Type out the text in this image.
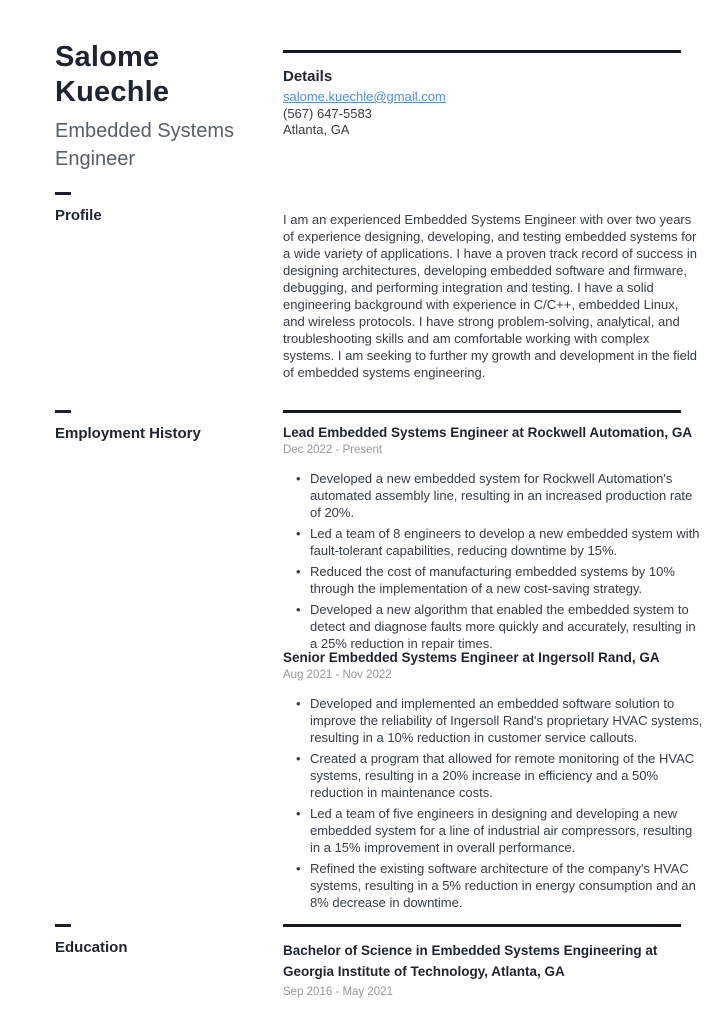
Salome Kuechle
Embedded Systems Engineer
Profile
Employment History
Education
Details
salome.kuechle@gmail.com
(567) 647-5583
Atlanta, GA
I am an experienced Embedded Systems Engineer with over two years of experience designing, developing, and testing embedded systems for a wide variety of applications. I have a proven track record of success in designing architectures, developing embedded software and firmware, debugging, and performing integration and testing. I have a solid engineering background with experience in C/C++, embedded Linux, and wireless protocols. I have strong problem-solving, analytical, and troubleshooting skills and am comfortable working with complex systems. I am seeking to further my growth and development in the field of embedded systems engineering.
Lead Embedded Systems Engineer at Rockwell Automation, GA
Dec 2022 - Present
• Developed a new embedded system for Rockwell Automation's automated assembly line, resulting in an increased production rate of 20%.
• Led a team of 8 engineers to develop a new embedded system with fault-tolerant capabilities, reducing downtime by 15%.
• Reduced the cost of manufacturing embedded systems by 10% through the implementation of a new cost-saving strategy.
• Developed a new algorithm that enabled the embedded system to detect and diagnose faults more quickly and accurately, resulting in a 25% reduction in repair times.
Senior Embedded Systems Engineer at Ingersoll Rand, GA
Aug 2021 - Nov 2022
• Developed and implemented an embedded software solution to improve the reliability of Ingersoll Rand's proprietary HVAC systems, resulting in a 10% reduction in customer service callouts.
• Created a program that allowed for remote monitoring of the HVAC systems, resulting in a 20% increase in efficiency and a 50% reduction in maintenance costs.
• Led a team of five engineers in designing and developing a new embedded system for a line of industrial air compressors, resulting in a 15% improvement in overall performance.
• Refined the existing software architecture of the company's HVAC systems, resulting in a 5% reduction in energy consumption and an 8% decrease in downtime.
Bachelor of Science in Embedded Systems Engineering at Georgia Institute of Technology, Atlanta, GA
Sep 2016 - May 2021
